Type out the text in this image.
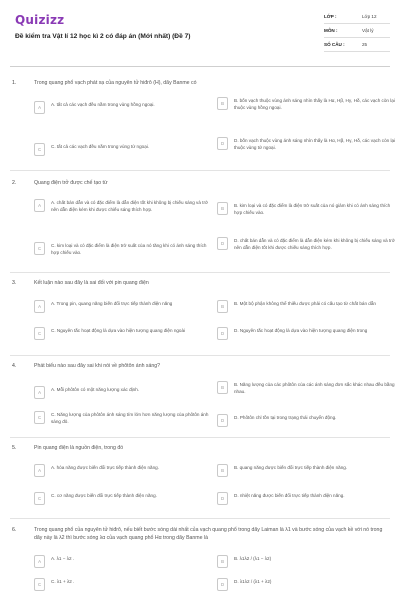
Quizizz
Đề kiểm tra Vật lí 12 học kì 2 có đáp án (Mới nhất) (Đề 7)
LỚP :	Lớp 12
MÔN :	Vật lý
SỐ CÂU :	25
1.	Trong quang phổ vạch phát xạ của nguyên tử hiđrô (H), dãy Banme có
A
A. tất cả các vạch đều nằm trong vùng hồng ngoại.	B
B. bốn vạch thuộc vùng ánh sáng nhìn thấy là Hα, Hβ, Hγ, Hδ, các vạch còn lại thuộc vùng hồng ngoại.
C
C. tất cả các vạch đều nằm trong vùng tử ngoại.
D
D. bốn vạch thuộc vùng ánh sáng nhìn thấy là Hα, Hβ, Hγ, Hδ, các vạch còn lại thuộc vùng tử ngoại.
2.	Quang điện trở được chế tạo từ
A
A. chất bán dẫn và có đặc điểm là dẫn điện tốt khi không bị chiếu sáng và trở nên dẫn điện kém khi được chiếu sáng thích hợp.	B
B. kim loại và có đặc điểm là điện trở suất của nó giảm khi có ánh sáng thích hợp chiếu vào.
C
C. kim loại và có đặc điểm là điện trở suất của nó tăng khi có ánh sáng thích hợp chiếu vào.
D
D. chất bán dẫn và có đặc điểm là dẫn điện kém khi không bị chiếu sáng và trở nên dẫn điện tốt khi được chiếu sáng thích hợp.
3.	Kết luận nào sau đây là sai đối với pin quang điện
A
A. Trong pin, quang năng biến đổi trực tiếp thành điện năng
B
B. Một bộ phận không thể thiếu được phải có cấu tạo từ chất bán dẫn
C
C. Nguyên tắc hoạt động là dựa vào hiện tượng quang điện ngoài
D
D. Nguyên tắc hoạt động là dựa vào hiện tượng quang điện trong
4.	Phát biểu nào sau đây sai khi nói về phôtôn ánh sáng?
A
A. Mỗi phôtôn có một năng lượng xác định.	B
B. Năng lượng của các phôtôn của các ánh sáng đơn sắc khác nhau đều bằng nhau.
C
C. Năng lượng của phôtôn ánh sáng tím lớn hơn năng lượng của phôtôn ánh sáng đỏ.	D
D. Phôtôn chỉ tồn tại trong trạng thái chuyển động.
5.	Pin quang điện là nguồn điện, trong đó
A
A. hóa năng được biến đổi trực tiếp thành điện năng.
B
B. quang năng được biến đổi trực tiếp thành điện năng.
C
C. cơ năng được biến đổi trực tiếp thành điện năng.
D
D. nhiệt năng được biến đổi trực tiếp thành điện năng.
6.	Trong quang phổ của nguyên tử hiđrô, nếu biết bước sóng dài nhất của vạch quang phổ trong dãy Laiman là λ1 và bước sóng của vạch kề với nó trong dãy này là λ2 thì bước sóng λα của vạch quang phổ Hα trong dãy Banme là
A
A. λ1 − λ2 .
B
B. λ1λ2 / (λ1 − λ2)
C
C. λ1 + λ2 .
D
D. λ1λ2 / (λ1 + λ2)
